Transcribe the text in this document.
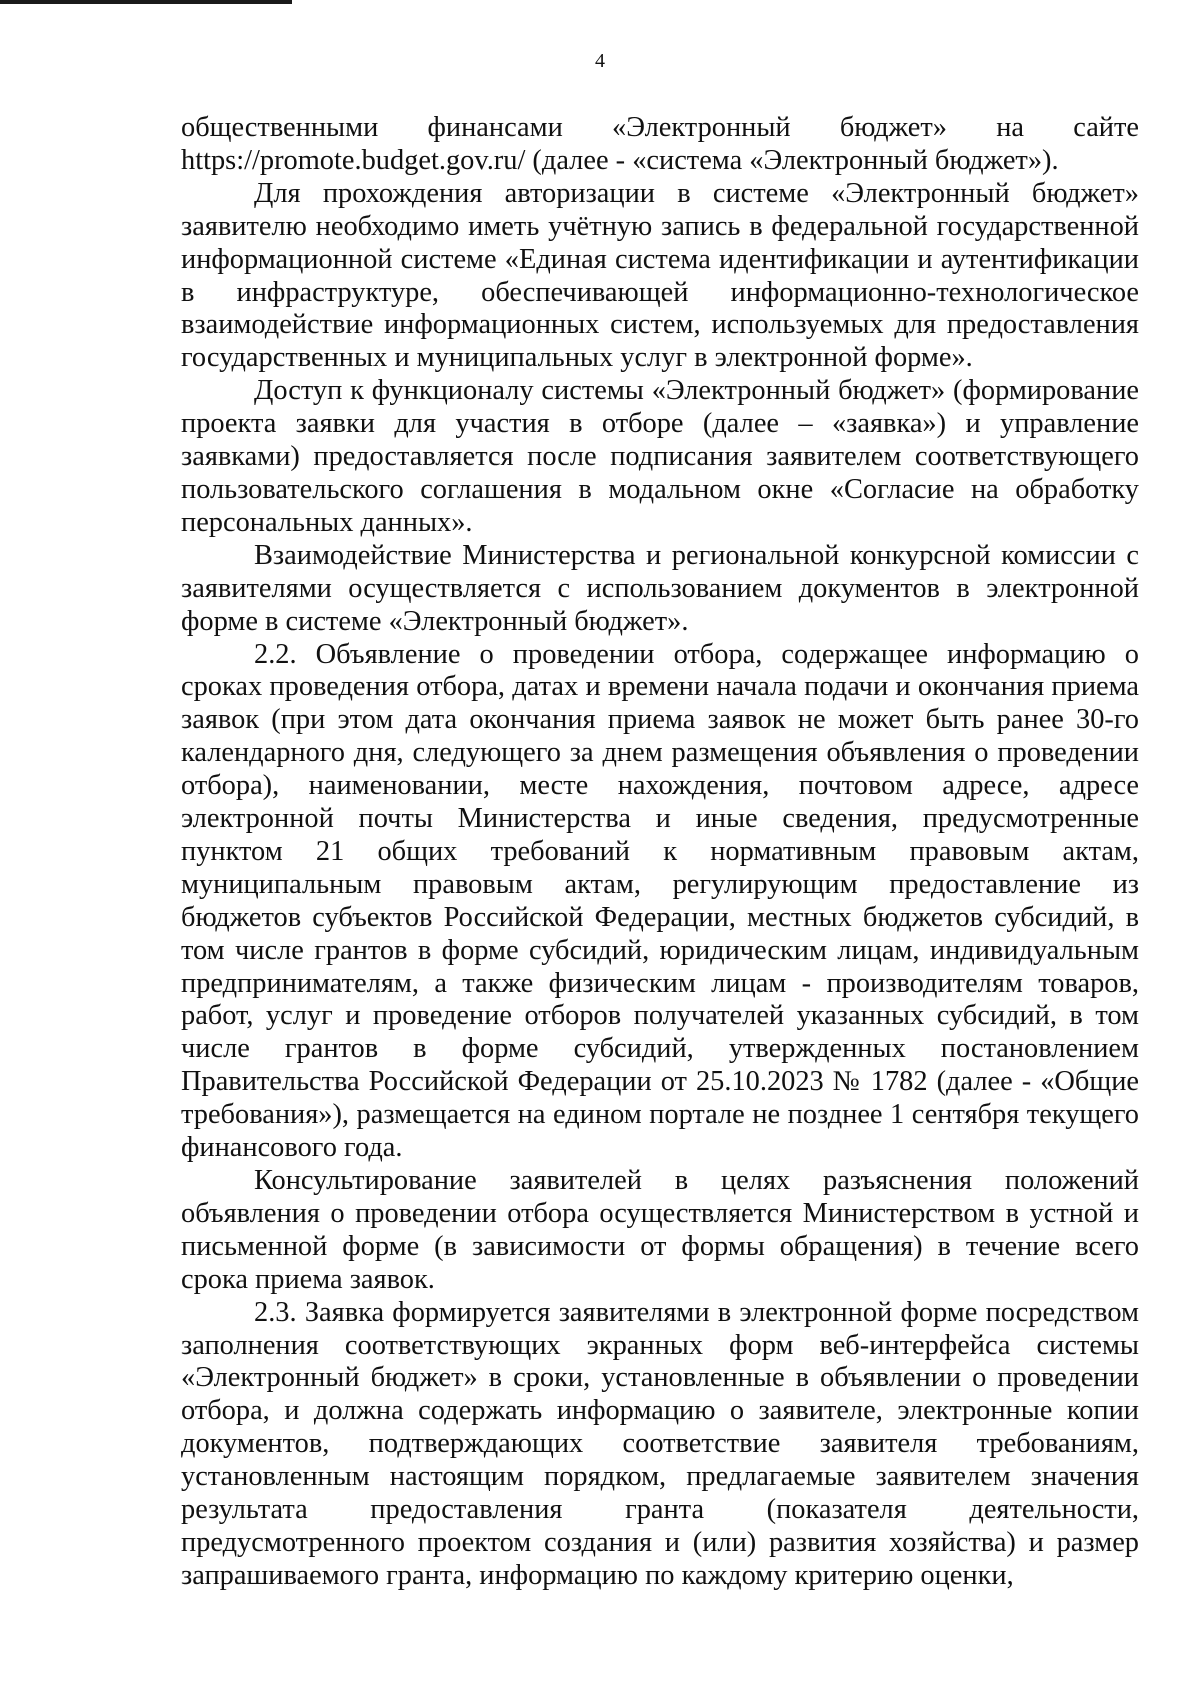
4

общественными финансами «Электронный бюджет» на сайте https://promote.budget.gov.ru/ (далее - «система «Электронный бюджет»).

Для прохождения авторизации в системе «Электронный бюджет» заявителю необходимо иметь учётную запись в федеральной государственной информационной системе «Единая система идентификации и аутентификации в инфраструктуре, обеспечивающей информационно-технологическое взаимодействие информационных систем, используемых для предоставления государственных и муниципальных услуг в электронной форме».

Доступ к функционалу системы «Электронный бюджет» (формирование проекта заявки для участия в отборе (далее – «заявка») и управление заявками) предоставляется после подписания заявителем соответствующего пользовательского соглашения в модальном окне «Согласие на обработку персональных данных».

Взаимодействие Министерства и региональной конкурсной комиссии с заявителями осуществляется с использованием документов в электронной форме в системе «Электронный бюджет».

2.2. Объявление о проведении отбора, содержащее информацию о сроках проведения отбора, датах и времени начала подачи и окончания приема заявок (при этом дата окончания приема заявок не может быть ранее 30-го календарного дня, следующего за днем размещения объявления о проведении отбора), наименовании, месте нахождения, почтовом адресе, адресе электронной почты Министерства и иные сведения, предусмотренные пунктом 21 общих требований к нормативным правовым актам, муниципальным правовым актам, регулирующим предоставление из бюджетов субъектов Российской Федерации, местных бюджетов субсидий, в том числе грантов в форме субсидий, юридическим лицам, индивидуальным предпринимателям, а также физическим лицам - производителям товаров, работ, услуг и проведение отборов получателей указанных субсидий, в том числе грантов в форме субсидий, утвержденных постановлением Правительства Российской Федерации от 25.10.2023 № 1782 (далее - «Общие требования»), размещается на едином портале не позднее 1 сентября текущего финансового года.

Консультирование заявителей в целях разъяснения положений объявления о проведении отбора осуществляется Министерством в устной и письменной форме (в зависимости от формы обращения) в течение всего срока приема заявок.

2.3. Заявка формируется заявителями в электронной форме посредством заполнения соответствующих экранных форм веб-интерфейса системы «Электронный бюджет» в сроки, установленные в объявлении о проведении отбора, и должна содержать информацию о заявителе, электронные копии документов, подтверждающих соответствие заявителя требованиям, установленным настоящим порядком, предлагаемые заявителем значения результата предоставления гранта (показателя деятельности, предусмотренного проектом создания и (или) развития хозяйства) и размер запрашиваемого гранта, информацию по каждому критерию оценки,
